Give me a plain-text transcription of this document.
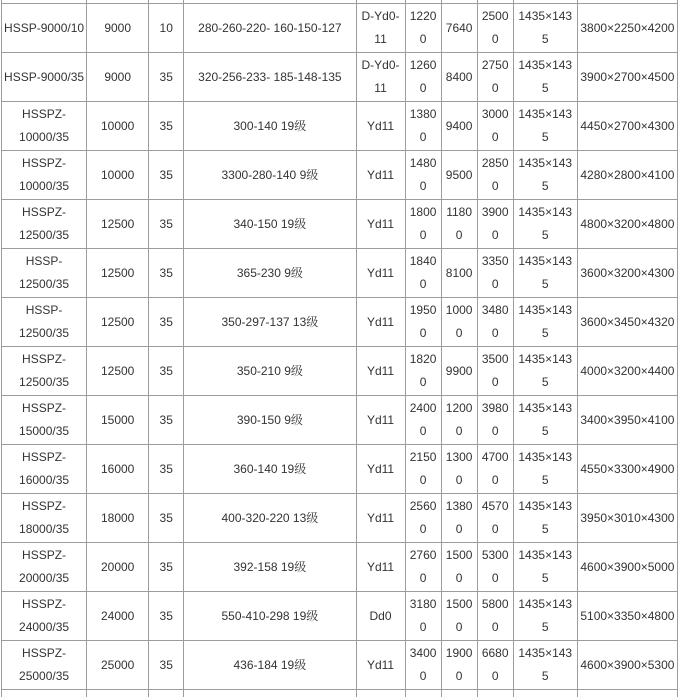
HSSP-9000/10	9000	10	280-260-220- 160-150-127	D-Yd0-11	12200	7640	25000	1435×1435	3800×2250×4200
HSSP-9000/35	9000	35	320-256-233- 185-148-135	D-Yd0-11	12600	8400	27500	1435×1435	3900×2700×4500
HSSPZ-10000/35	10000	35	300-140 19级	Yd11	13800	9400	30000	1435×1435	4450×2700×4300
HSSPZ-10000/35	10000	35	3300-280-140 9级	Yd11	14800	9500	28500	1435×1435	4280×2800×4100
HSSPZ-12500/35	12500	35	340-150 19级	Yd11	18000	11800	39000	1435×1435	4800×3200×4800
HSSP-12500/35	12500	35	365-230 9级	Yd11	18400	8100	33500	1435×1435	3600×3200×4300
HSSP-12500/35	12500	35	350-297-137 13级	Yd11	19500	10000	34800	1435×1435	3600×3450×4320
HSSPZ-12500/35	12500	35	350-210 9级	Yd11	18200	9900	35000	1435×1435	4000×3200×4400
HSSPZ-15000/35	15000	35	390-150 9级	Yd11	24000	12000	39800	1435×1435	3400×3950×4100
HSSPZ-16000/35	16000	35	360-140 19级	Yd11	21500	13000	47000	1435×1435	4550×3300×4900
HSSPZ-18000/35	18000	35	400-320-220 13级	Yd11	25600	13800	45700	1435×1435	3950×3010×4300
HSSPZ-20000/35	20000	35	392-158 19级	Yd11	27600	15000	53000	1435×1435	4600×3900×5000
HSSPZ-24000/35	24000	35	550-410-298 19级	Dd0	31800	15000	58000	1435×1435	5100×3350×4800
HSSPZ-25000/35	25000	35	436-184 19级	Yd11	34000	19000	66800	1435×1435	4600×3900×5300
